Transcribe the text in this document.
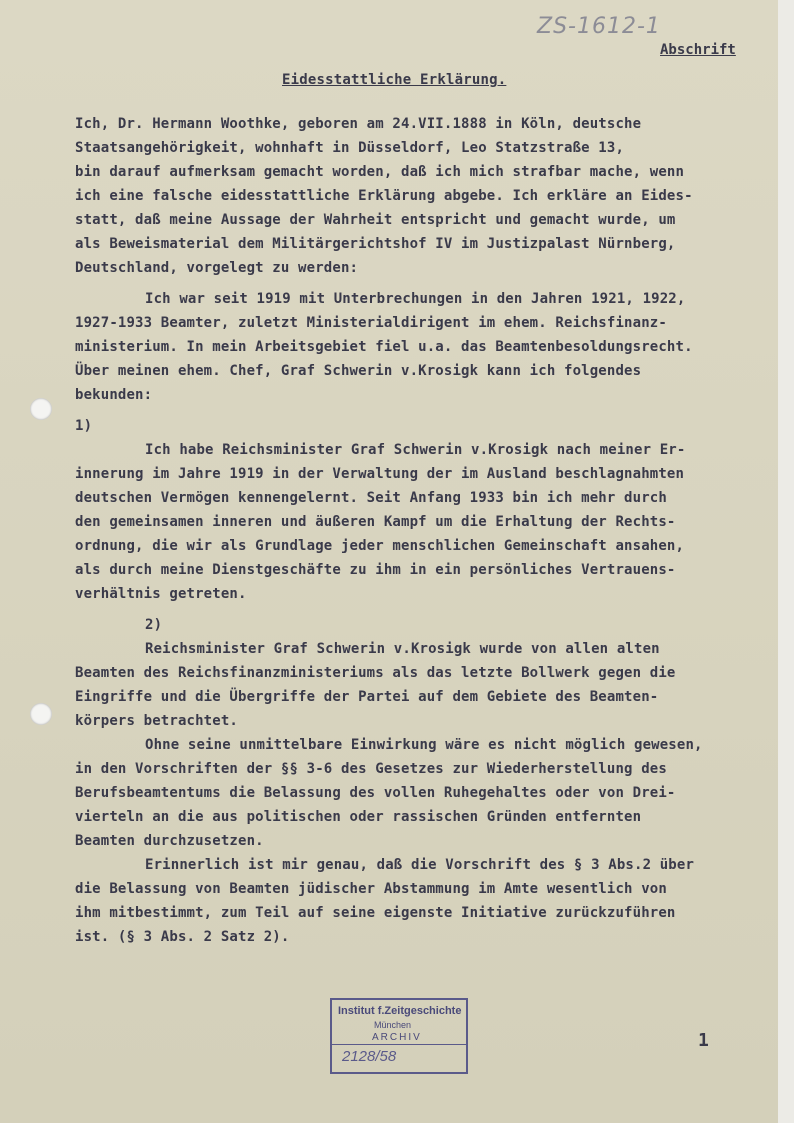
ZS-1612-1
Abschrift
Eidesstattliche Erklärung.
Ich, Dr. Hermann Woothke, geboren am 24.VII.1888 in Köln, deutsche
Staatsangehörigkeit, wohnhaft in Düsseldorf, Leo Statzstraße 13,
bin darauf aufmerksam gemacht worden, daß ich mich strafbar mache, wenn
ich eine falsche eidesstattliche Erklärung abgebe. Ich erkläre an Eides-
statt, daß meine Aussage der Wahrheit entspricht und gemacht wurde, um
als Beweismaterial dem Militärgerichtshof IV im Justizpalast Nürnberg,
Deutschland, vorgelegt zu werden:
Ich war seit 1919 mit Unterbrechungen in den Jahren 1921, 1922,
1927-1933 Beamter, zuletzt Ministerialdirigent im ehem. Reichsfinanz-
ministerium. In mein Arbeitsgebiet fiel u.a. das Beamtenbesoldungsrecht.
Über meinen ehem. Chef, Graf Schwerin v.Krosigk kann ich folgendes
bekunden:
1)
Ich habe Reichsminister Graf Schwerin v.Krosigk nach meiner Er-
innerung im Jahre 1919 in der Verwaltung der im Ausland beschlagnahmten
deutschen Vermögen kennengelernt. Seit Anfang 1933 bin ich mehr durch
den gemeinsamen inneren und äußeren Kampf um die Erhaltung der Rechts-
ordnung, die wir als Grundlage jeder menschlichen Gemeinschaft ansahen,
als durch meine Dienstgeschäfte zu ihm in ein persönliches Vertrauens-
verhältnis getreten.
2)
Reichsminister Graf Schwerin v.Krosigk wurde von allen alten
Beamten des Reichsfinanzministeriums als das letzte Bollwerk gegen die
Eingriffe und die Übergriffe der Partei auf dem Gebiete des Beamten-
körpers betrachtet.
Ohne seine unmittelbare Einwirkung wäre es nicht möglich gewesen,
in den Vorschriften der §§ 3-6 des Gesetzes zur Wiederherstellung des
Berufsbeamtentums die Belassung des vollen Ruhegehaltes oder von Drei-
vierteln an die aus politischen oder rassischen Gründen entfernten
Beamten durchzusetzen.
Erinnerlich ist mir genau, daß die Vorschrift des § 3 Abs.2 über
die Belassung von Beamten jüdischer Abstammung im Amte wesentlich von
ihm mitbestimmt, zum Teil auf seine eigenste Initiative zurückzuführen
ist. (§ 3 Abs. 2 Satz 2).
Institut f.Zeitgeschichte
München
ARCHIV
2128/58
1
